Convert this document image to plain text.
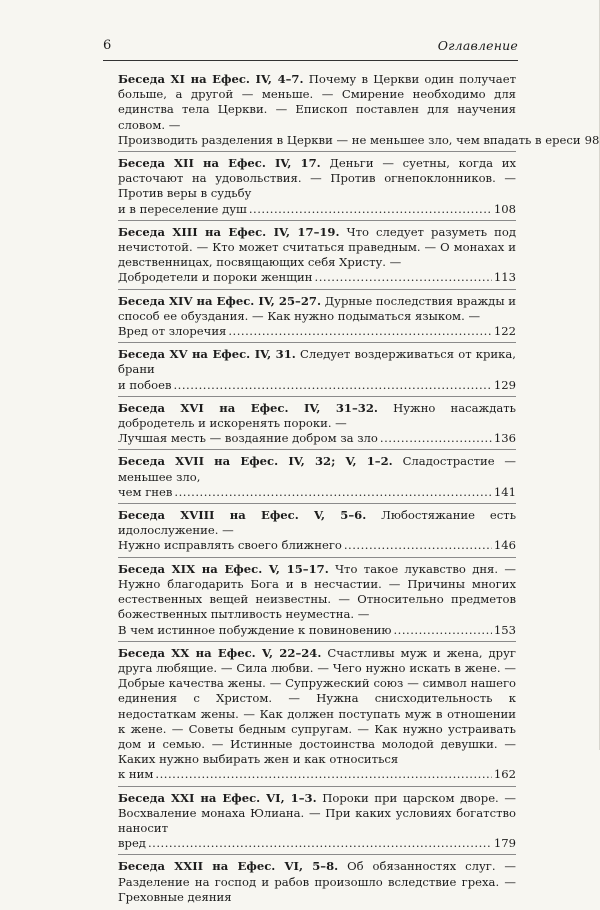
6	Оглавление
Беседа XI на Ефес. IV, 4–7. Почему в Церкви один получает больше, а другой — меньше. — Смирение необходимо для единства тела Церкви. — Епископ поставлен для научения словом. —
Производить разделения в Церкви — не меньшее зло, чем впадать в ереси 98
Беседа XII на Ефес. IV, 17. Деньги — суетны, когда их расточают на удовольствия. — Против огнепоклонников. — Против веры в судьбу
и в переселение душ .....	108
Беседа XIII на Ефес. IV, 17–19. Что следует разуметь под нечистотой. — Кто может считаться праведным. — О монахах и девственницах, посвящающих себя Христу. —
Добродетели и пороки женщин .....	113
Беседа XIV на Ефес. IV, 25–27. Дурные последствия вражды и способ ее обуздания. — Как нужно подыматься языком. —
Вред от злоречия .....	122
Беседа XV на Ефес. IV, 31. Следует воздерживаться от крика, брани
и побоев .....	129
Беседа XVI на Ефес. IV, 31–32. Нужно насаждать добродетель и искоренять пороки. —
Лучшая месть — воздаяние добром за зло .....	136
Беседа XVII на Ефес. IV, 32; V, 1–2. Сладострастие — меньшее зло,
чем гнев .....	141
Беседа XVIII на Ефес. V, 5–6. Любостяжание есть идолослужение. —
Нужно исправлять своего ближнего .....	146
Беседа XIX на Ефес. V, 15–17. Что такое лукавство дня. — Нужно благодарить Бога и в несчастии. — Причины многих естественных вещей неизвестны. — Относительно предметов божественных пытливость неуместна. —
В чем истинное побуждение к повиновению .....	153
Беседа XX на Ефес. V, 22–24. Счастливы муж и жена, друг друга любящие. — Сила любви. — Чего нужно искать в жене. — Добрые качества жены. — Супружеский союз — символ нашего единения с Христом. — Нужна снисходительность к недостаткам жены. — Как должен поступать муж в отношении к жене. — Советы бедным супругам. — Как нужно устраивать дом и семью. — Истинные достоинства молодой девушки. — Каких нужно выбирать жен и как относиться
к ним .....	162
Беседа XXI на Ефес. VI, 1–3. Пороки при царском дворе. — Восхваление монаха Юлиана. — При каких условиях богатство наносит
вред .....	179
Беседа XXII на Ефес. VI, 5–8. Об обязанностях слуг. — Разделение на господ и рабов произошло вследствие греха. — Греховные деяния
